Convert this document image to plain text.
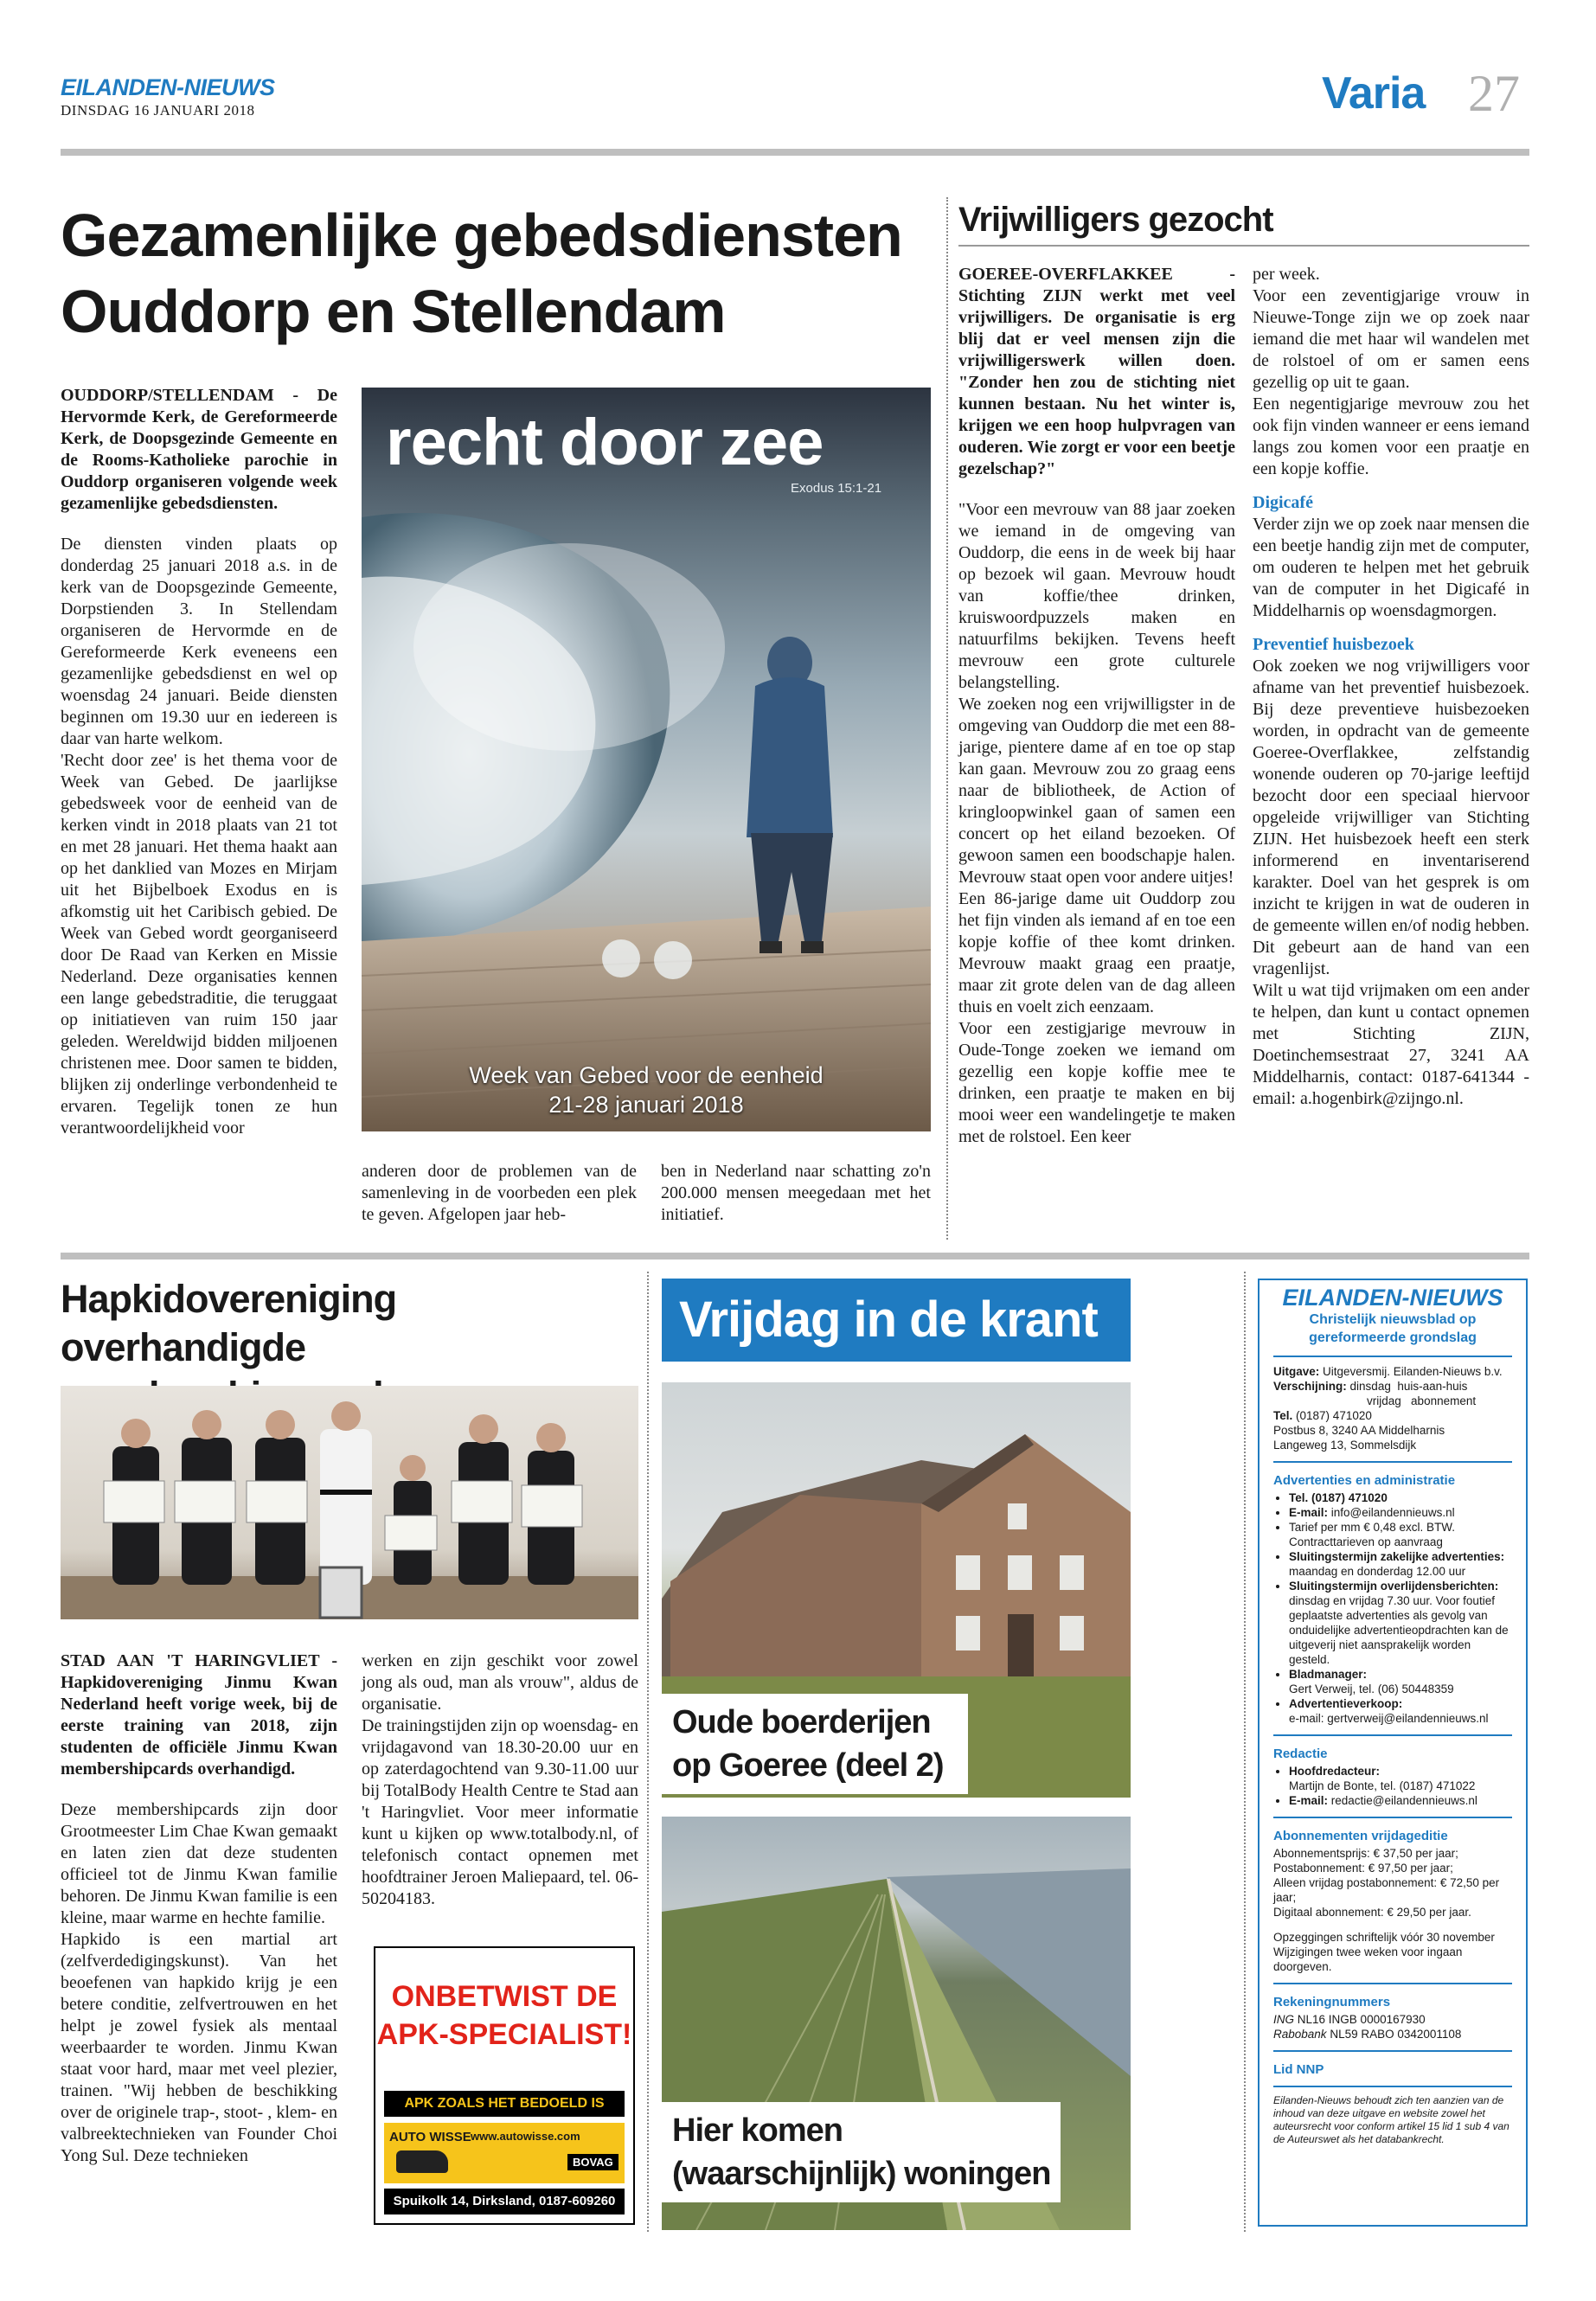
EILANDEN-NIEUWS
DINSDAG 16 JANUARI 2018	Varia 27
Gezamenlijke gebedsdiensten
Ouddorp en Stellendam

OUDDORP/STELLENDAM - De Hervormde Kerk, de Gereformeerde Kerk, de Doopsgezinde Gemeente en de Rooms-Katholieke parochie in Ouddorp organiseren volgende week gezamenlijke gebedsdiensten.

De diensten vinden plaats op donderdag 25 januari 2018 a.s. in de kerk van de Doopsgezinde Gemeente, Dorpstienden 3. In Stellendam organiseren de Hervormde en de Gereformeerde Kerk eveneens een gezamenlijke gebedsdienst en wel op woensdag 24 januari. Beide diensten beginnen om 19.30 uur en iedereen is daar van harte welkom.

'Recht door zee' is het thema voor de Week van Gebed. De jaarlijkse gebedsweek voor de eenheid van de kerken vindt in 2018 plaats van 21 tot en met 28 januari. Het thema haakt aan op het danklied van Mozes en Mirjam uit het Bijbelboek Exodus en is afkomstig uit het Caribisch gebied. De Week van Gebed wordt georganiseerd door De Raad van Kerken en Missie Nederland. Deze organisaties kennen een lange gebedstraditie, die teruggaat op initiatieven van ruim 150 jaar geleden. Wereldwijd bidden miljoenen christenen mee. Door samen te bidden, blijken zij onderlinge verbondenheid te ervaren. Tegelijk tonen ze hun verantwoordelijkheid voor

recht door zee
Exodus 15:1-21
Week van Gebed voor de eenheid
21-28 januari 2018

anderen door de problemen van de samenleving in de voorbeden een plek te geven. Afgelopen jaar heb-

ben in Nederland naar schatting zo'n 200.000 mensen meegedaan met het initiatief.

Vrijwilligers gezocht

GOEREE-OVERFLAKKEE - Stichting ZIJN werkt met veel vrijwilligers. De organisatie is erg blij dat er veel mensen zijn die vrijwilligerswerk willen doen. "Zonder hen zou de stichting niet kunnen bestaan. Nu het winter is, krijgen we een hoop hulpvragen van ouderen. Wie zorgt er voor een beetje gezelschap?"

"Voor een mevrouw van 88 jaar zoeken we iemand in de omgeving van Ouddorp, die eens in de week bij haar op bezoek wil gaan. Mevrouw houdt van koffie/thee drinken, kruiswoordpuzzels maken en natuurfilms bekijken. Tevens heeft mevrouw een grote culturele belangstelling.

We zoeken nog een vrijwilligster in de omgeving van Ouddorp die met een 88-jarige, pientere dame af en toe op stap kan gaan. Mevrouw zou zo graag eens naar de bibliotheek, de Action of kringloopwinkel gaan of samen een concert op het eiland bezoeken. Of gewoon samen een boodschapje halen. Mevrouw staat open voor andere uitjes!

Een 86-jarige dame uit Ouddorp zou het fijn vinden als iemand af en toe een kopje koffie of thee komt drinken. Mevrouw maakt graag een praatje, maar zit grote delen van de dag alleen thuis en voelt zich eenzaam.

Voor een zestigjarige mevrouw in Oude-Tonge zoeken we iemand om gezellig een kopje koffie mee te drinken, een praatje te maken en bij mooi weer een wandelingetje te maken met de rolstoel. Een keer

per week.

Voor een zeventigjarige vrouw in Nieuwe-Tonge zijn we op zoek naar iemand die met haar wil wandelen met de rolstoel of om er samen eens gezellig op uit te gaan.

Een negentigjarige mevrouw zou het ook fijn vinden wanneer er eens iemand langs zou komen voor een praatje en een kopje koffie.

Digicafé

Verder zijn we op zoek naar mensen die een beetje handig zijn met de computer, om ouderen te helpen met het gebruik van de computer in het Digicafé in Middelharnis op woensdagmorgen.

Preventief huisbezoek

Ook zoeken we nog vrijwilligers voor afname van het preventief huisbezoek. Bij deze preventieve huisbezoeken worden, in opdracht van de gemeente Goeree-Overflakkee, zelfstandig wonende ouderen op 70-jarige leeftijd bezocht door een speciaal hiervoor opgeleide vrijwilliger van Stichting ZIJN. Het huisbezoek heeft een sterk informerend en inventariserend karakter. Doel van het gesprek is om inzicht te krijgen in wat de ouderen in de gemeente willen en/of nodig hebben. Dit gebeurt aan de hand van een vragenlijst.

Wilt u wat tijd vrijmaken om een ander te helpen, dan kunt u contact opnemen met Stichting ZIJN, Doetinchemsestraat 27, 3241 AA Middelharnis, contact: 0187-641344 - email: a.hogenbirk@zijngo.nl.

Hapkidovereniging overhandigde

STAD AAN 'T HARINGVLIET - Hapkidovereniging Jinmu Kwan Nederland heeft vorige week, bij de eerste training van 2018, zijn studenten de officiële Jinmu Kwan membershipcards overhandigd.

Deze membershipcards zijn door Grootmeester Lim Chae Kwan gemaakt en laten zien dat deze studenten officieel tot de Jinmu Kwan familie behoren. De Jinmu Kwan familie is een kleine, maar warme en hechte familie.

Hapkido is een martial art (zelfverdedigingskunst). Van het beoefenen van hapkido krijg je een betere conditie, zelfvertrouwen en het helpt je zowel fysiek als mentaal weerbaarder te worden. Jinmu Kwan staat voor hard, maar met veel plezier, trainen. "Wij hebben de beschikking over de originele trap-, stoot- , klem- en valbreektechnieken van Founder Choi Yong Sul. Deze technieken

werken en zijn geschikt voor zowel jong als oud, man als vrouw", aldus de organisatie.

De trainingstijden zijn op woensdag- en vrijdagavond van 18.30-20.00 uur en op zaterdagochtend van 9.30-11.00 uur bij TotalBody Health Centre te Stad aan 't Haringvliet. Voor meer informatie kunt u kijken op www.totalbody.nl, of telefonisch contact opnemen met hoofdtrainer Jeroen Maliepaard, tel. 06-50204183.

ONBETWIST DE
APK-SPECIALIST!
APK ZOALS HET BEDOELD IS
AUTO WISSE www.autowisse.com
BOVAG
Spuikolk 14, Dirksland, 0187-609260
Vrijdag in de krant
Oude boerderijen
op Goeree (deel 2)
Hier komen
(waarschijnlijk) woningen
EILANDEN-NIEUWS
Christelijk nieuwsblad op
gereformeerde grondslag
Uitgave: Uitgeversmij. Eilanden-Nieuws b.v.
Verschijning: dinsdag huis-aan-huis
vrijdag abonnement
Tel. (0187) 471020
Postbus 8, 3240 AA Middelharnis
Langeweg 13, Sommelsdijk
Advertenties en administratie
• Tel. (0187) 471020
• E-mail: info@eilandennieuws.nl
• Tarief per mm € 0,48 excl. BTW.
Contracttarieven op aanvraag
• Sluitingstermijn zakelijke advertenties:
maandag en donderdag 12.00 uur
• Sluitingstermijn overlijdensberichten:
dinsdag en vrijdag 7.30 uur. Voor foutief geplaatste advertenties als gevolg van onduidelijke advertentieopdrachten kan de uitgeverij niet aansprakelijk worden gesteld.
• Bladmanager:
Gert Verweij, tel. (06) 50448359
• Advertentieverkoop:
e-mail: gertverweij@eilandennieuws.nl
Redactie
• Hoofdredacteur:
Martijn de Bonte, tel. (0187) 471022
• E-mail: redactie@eilandennieuws.nl
Abonnementen vrijdageditie
Abonnementsprijs: € 37,50 per jaar;
Postabonnement: € 97,50 per jaar;
Alleen vrijdag postabonnement: € 72,50 per jaar;
Digitaal abonnement: € 29,50 per jaar.
Opzeggingen schriftelijk vóór 30 november
Wijzigingen twee weken voor ingaan doorgeven.
Rekeningnummers
ING NL16 INGB 0000167930
Rabobank NL59 RABO 0342001108
Lid NNP
Eilanden-Nieuws behoudt zich ten aanzien van de inhoud van deze uitgave en website zowel het auteursrecht voor conform artikel 15 lid 1 sub 4 van de Auteurswet als het databankrecht.
